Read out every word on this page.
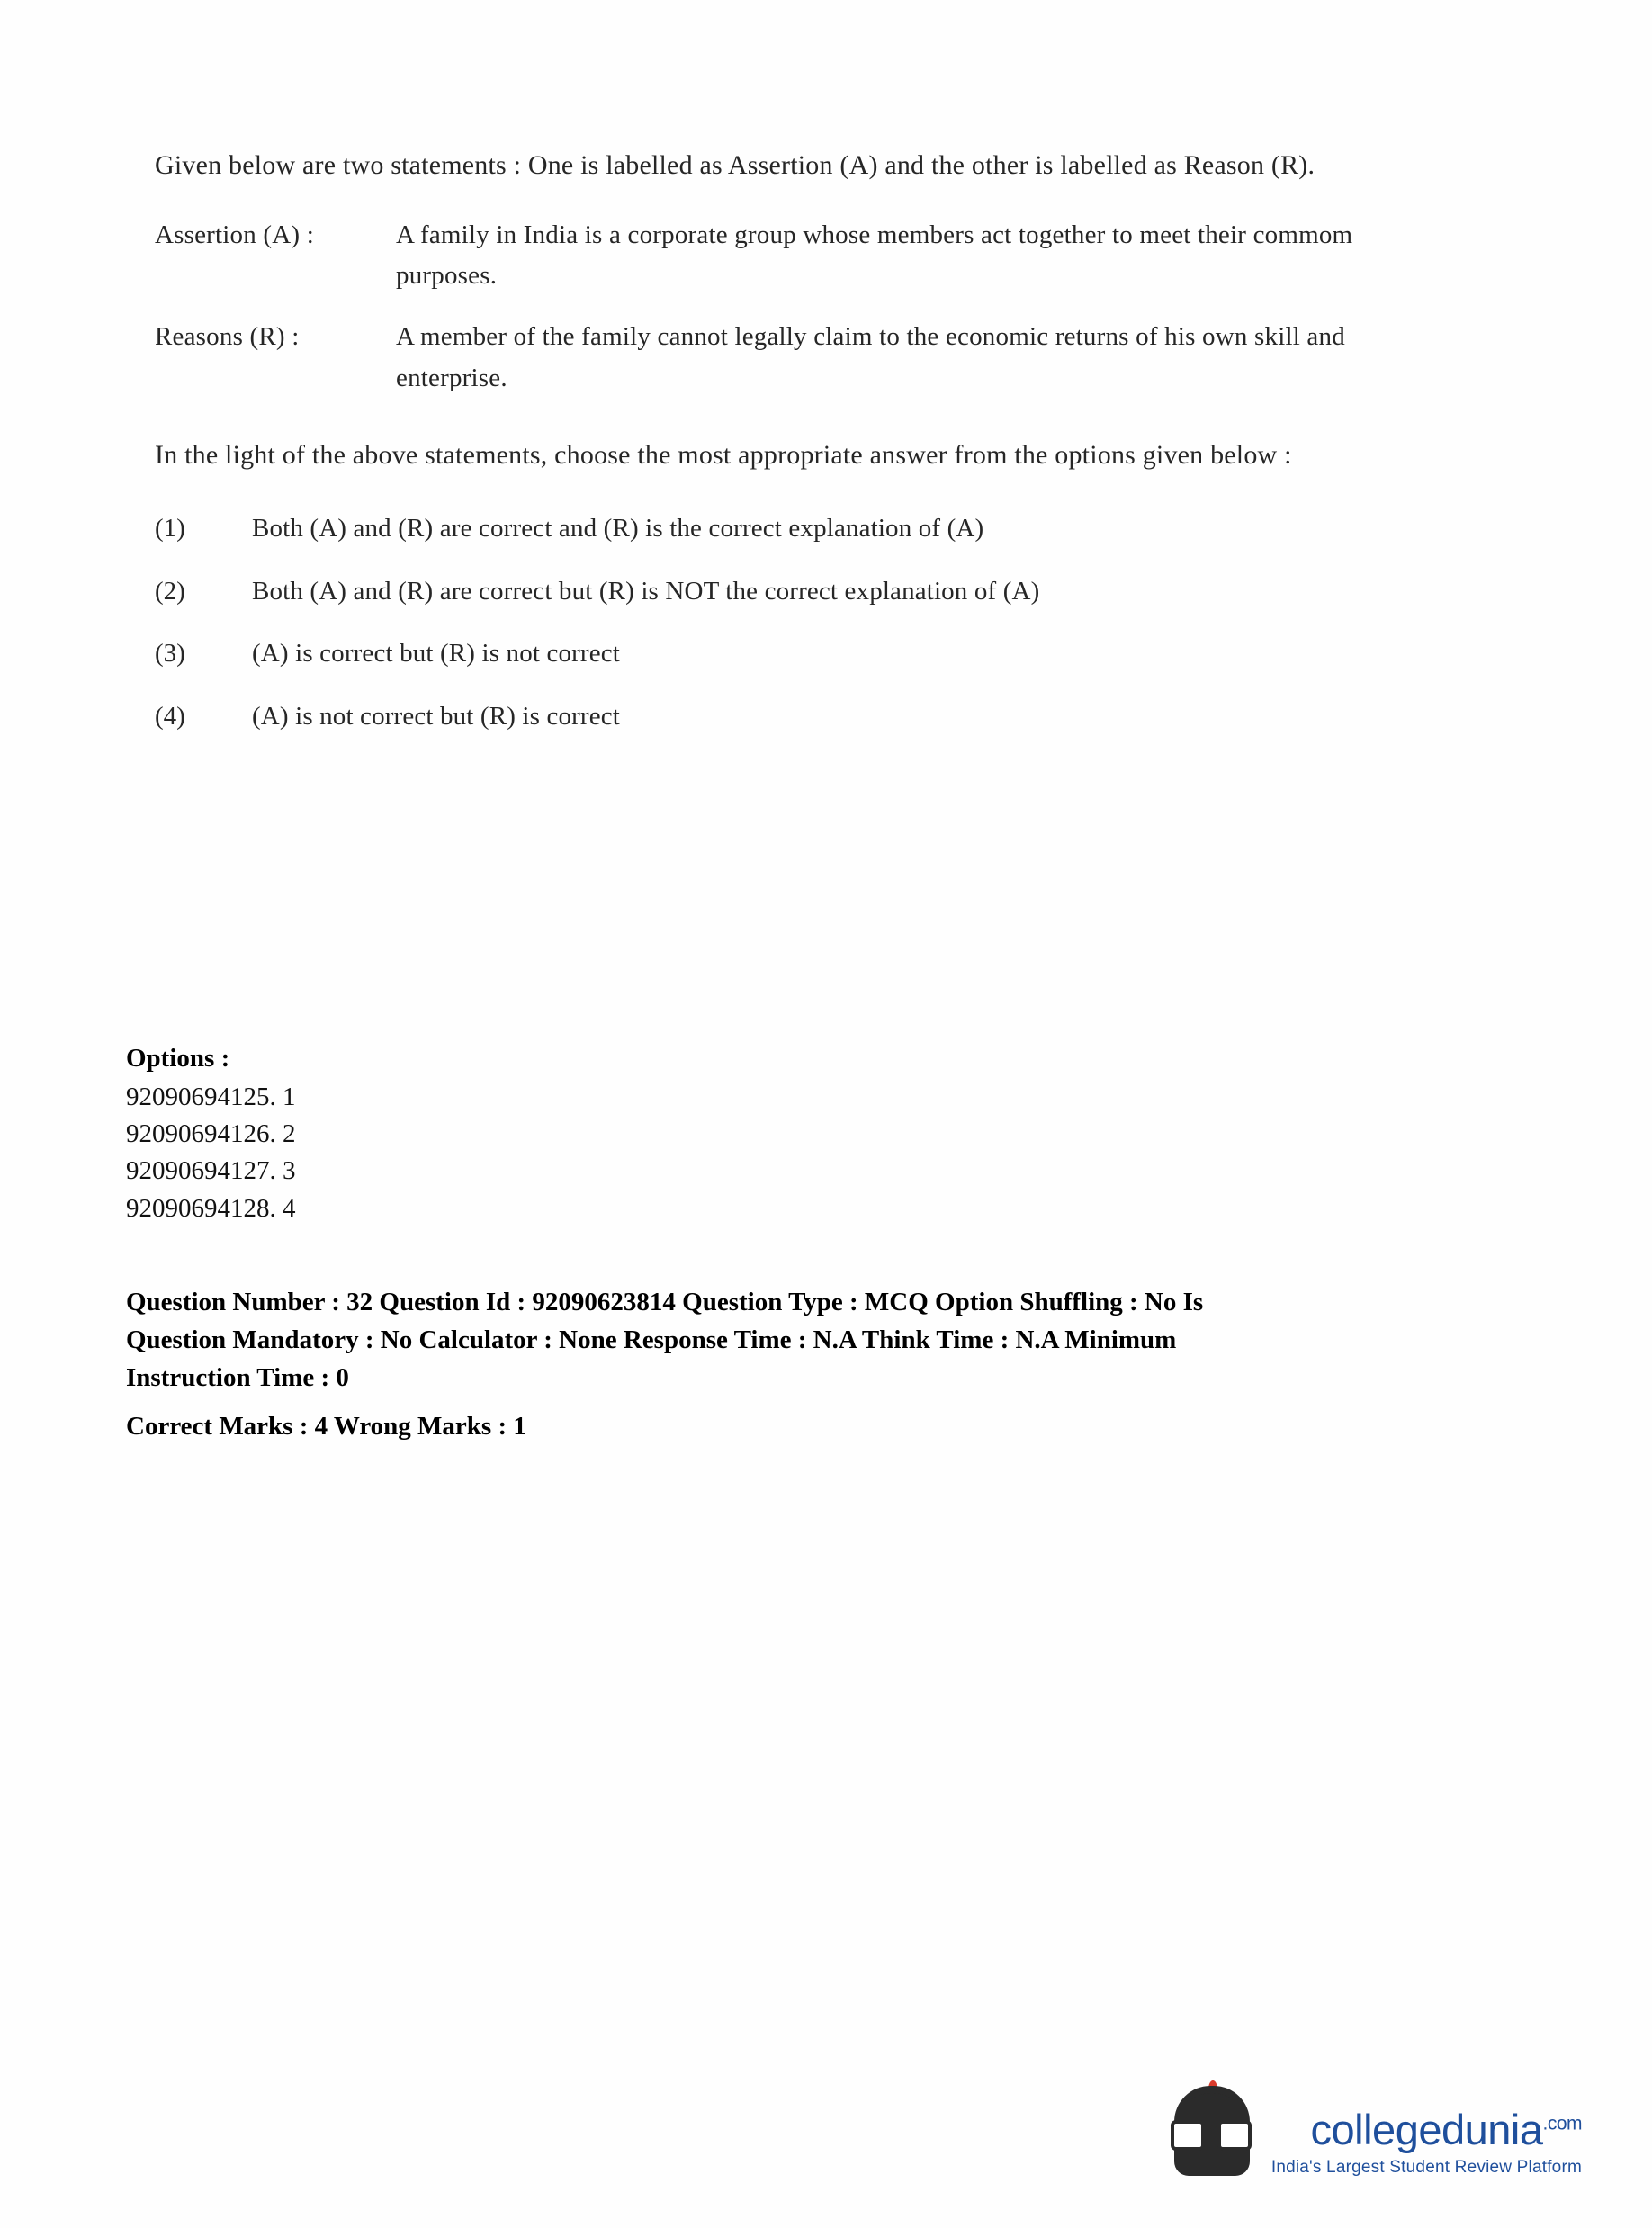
Given below are two statements : One is labelled as Assertion (A) and the other is labelled as Reason (R).
Assertion (A) :	A family in India is a corporate group whose members act together to meet their commom purposes.
Reasons (R) :	A member of the family cannot legally claim to the economic returns of his own skill and enterprise.
In the light of the above statements, choose the most appropriate answer from the options given below :
(1)	Both (A) and (R) are correct and (R) is the correct explanation of (A)
(2)	Both (A) and (R) are correct but (R) is NOT the correct explanation of (A)
(3)	(A) is correct but (R) is not correct
(4)	(A) is not correct but (R) is correct
Options :
92090694125. 1
92090694126. 2
92090694127. 3
92090694128. 4
Question Number : 32 Question Id : 92090623814 Question Type : MCQ Option Shuffling : No Is
Question Mandatory : No Calculator : None Response Time : N.A Think Time : N.A Minimum
Instruction Time : 0
Correct Marks : 4 Wrong Marks : 1
collegedunia$^{.com}$
India's Largest Student Review Platform
